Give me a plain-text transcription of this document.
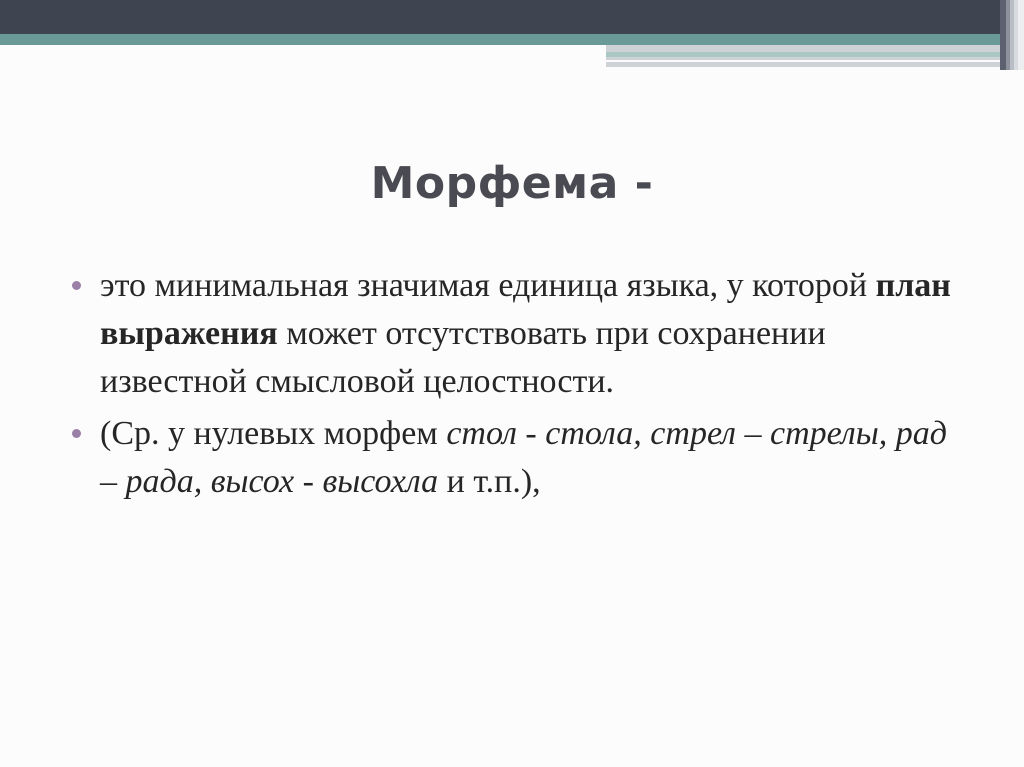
Морфема -
это минимальная значимая единица языка, у которой план выражения может отсутствовать при сохранении известной смысловой целостности.
(Ср. у нулевых морфем стол - стола, стрел – стрелы, рад – рада, высох - высохла и т.п.),
